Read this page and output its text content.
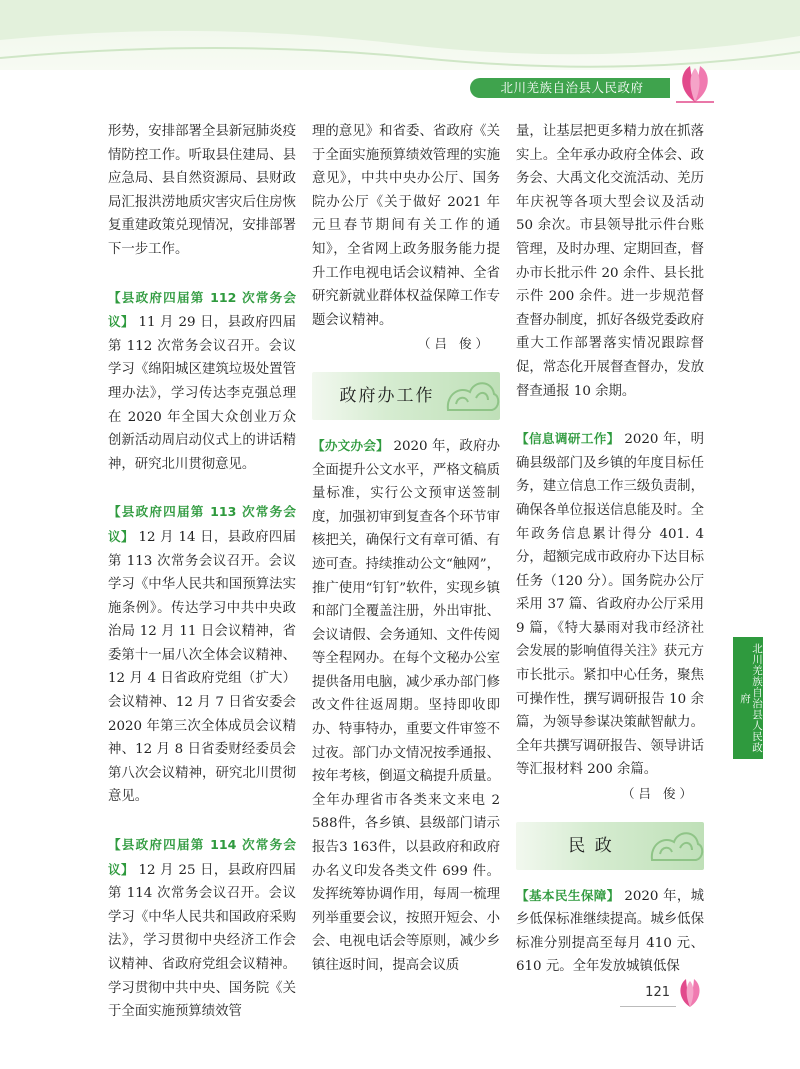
北川羌族自治县人民政府

形势，安排部署全县新冠肺炎疫情防控工作。听取县住建局、县应急局、县自然资源局、县财政局汇报洪涝地质灾害灾后住房恢复重建政策兑现情况，安排部署下一步工作。

【县政府四届第 112 次常务会议】 11 月 29 日，县政府四届第 112 次常务会议召开。会议学习《绵阳城区建筑垃圾处置管理办法》，学习传达李克强总理在 2020 年全国大众创业万众创新活动周启动仪式上的讲话精神，研究北川贯彻意见。

【县政府四届第 113 次常务会议】 12 月 14 日，县政府四届第 113 次常务会议召开。会议学习《中华人民共和国预算法实施条例》。传达学习中共中央政治局 12 月 11 日会议精神，省委第十一届八次全体会议精神、12 月 4 日省政府党组（扩大）会议精神、12 月 7 日省安委会 2020 年第三次全体成员会议精神、12 月 8 日省委财经委员会第八次会议精神，研究北川贯彻意见。

【县政府四届第 114 次常务会议】 12 月 25 日，县政府四届第 114 次常务会议召开。会议学习《中华人民共和国政府采购法》，学习贯彻中央经济工作会议精神、省政府党组会议精神。学习贯彻中共中央、国务院《关于全面实施预算绩效管

理的意见》和省委、省政府《关于全面实施预算绩效管理的实施意见》，中共中央办公厅、国务院办公厅《关于做好 2021 年元旦春节期间有关工作的通知》，全省网上政务服务能力提升工作电视电话会议精神、全省研究新就业群体权益保障工作专题会议精神。

（吕 俊）

政府办工作

【办文办会】 2020 年，政府办全面提升公文水平，严格文稿质量标准，实行公文预审送签制度，加强初审到复查各个环节审核把关，确保行文有章可循、有迹可查。持续推动公文“触网”，推广使用“钉钉”软件，实现乡镇和部门全覆盖注册，外出审批、会议请假、会务通知、文件传阅等全程网办。在每个文秘办公室提供备用电脑，减少承办部门修改文件往返周期。坚持即收即办、特事特办，重要文件审签不过夜。部门办文情况按季通报、按年考核，倒逼文稿提升质量。全年办理省市各类来文来电 2 588件，各乡镇、县级部门请示报告3 163件，以县政府和政府办名义印发各类文件 699 件。发挥统筹协调作用，每周一梳理列举重要会议，按照开短会、小会、电视电话会等原则，减少乡镇往返时间，提高会议质

量，让基层把更多精力放在抓落实上。全年承办政府全体会、政务会、大禹文化交流活动、羌历年庆祝等各项大型会议及活动 50 余次。市县领导批示件台账管理，及时办理、定期回查，督办市长批示件 20 余件、县长批示件 200 余件。进一步规范督查督办制度，抓好各级党委政府重大工作部署落实情况跟踪督促，常态化开展督查督办，发放督查通报 10 余期。

【信息调研工作】 2020 年，明确县级部门及乡镇的年度目标任务，建立信息工作三级负责制，确保各单位报送信息能及时。全年政务信息累计得分 401. 4 分，超额完成市政府办下达目标任务（120 分）。国务院办公厅采用 37 篇、省政府办公厅采用 9 篇，《特大暴雨对我市经济社会发展的影响值得关注》获元方市长批示。紧扣中心任务，聚焦可操作性，撰写调研报告 10 余篇，为领导参谋决策献智献力。全年共撰写调研报告、领导讲话等汇报材料 200 余篇。

（吕 俊）

民 政

【基本民生保障】 2020 年，城乡低保标准继续提高。城乡低保标准分别提高至每月 410 元、610 元。全年发放城镇低保

北川羌族自治县人民政府
121
